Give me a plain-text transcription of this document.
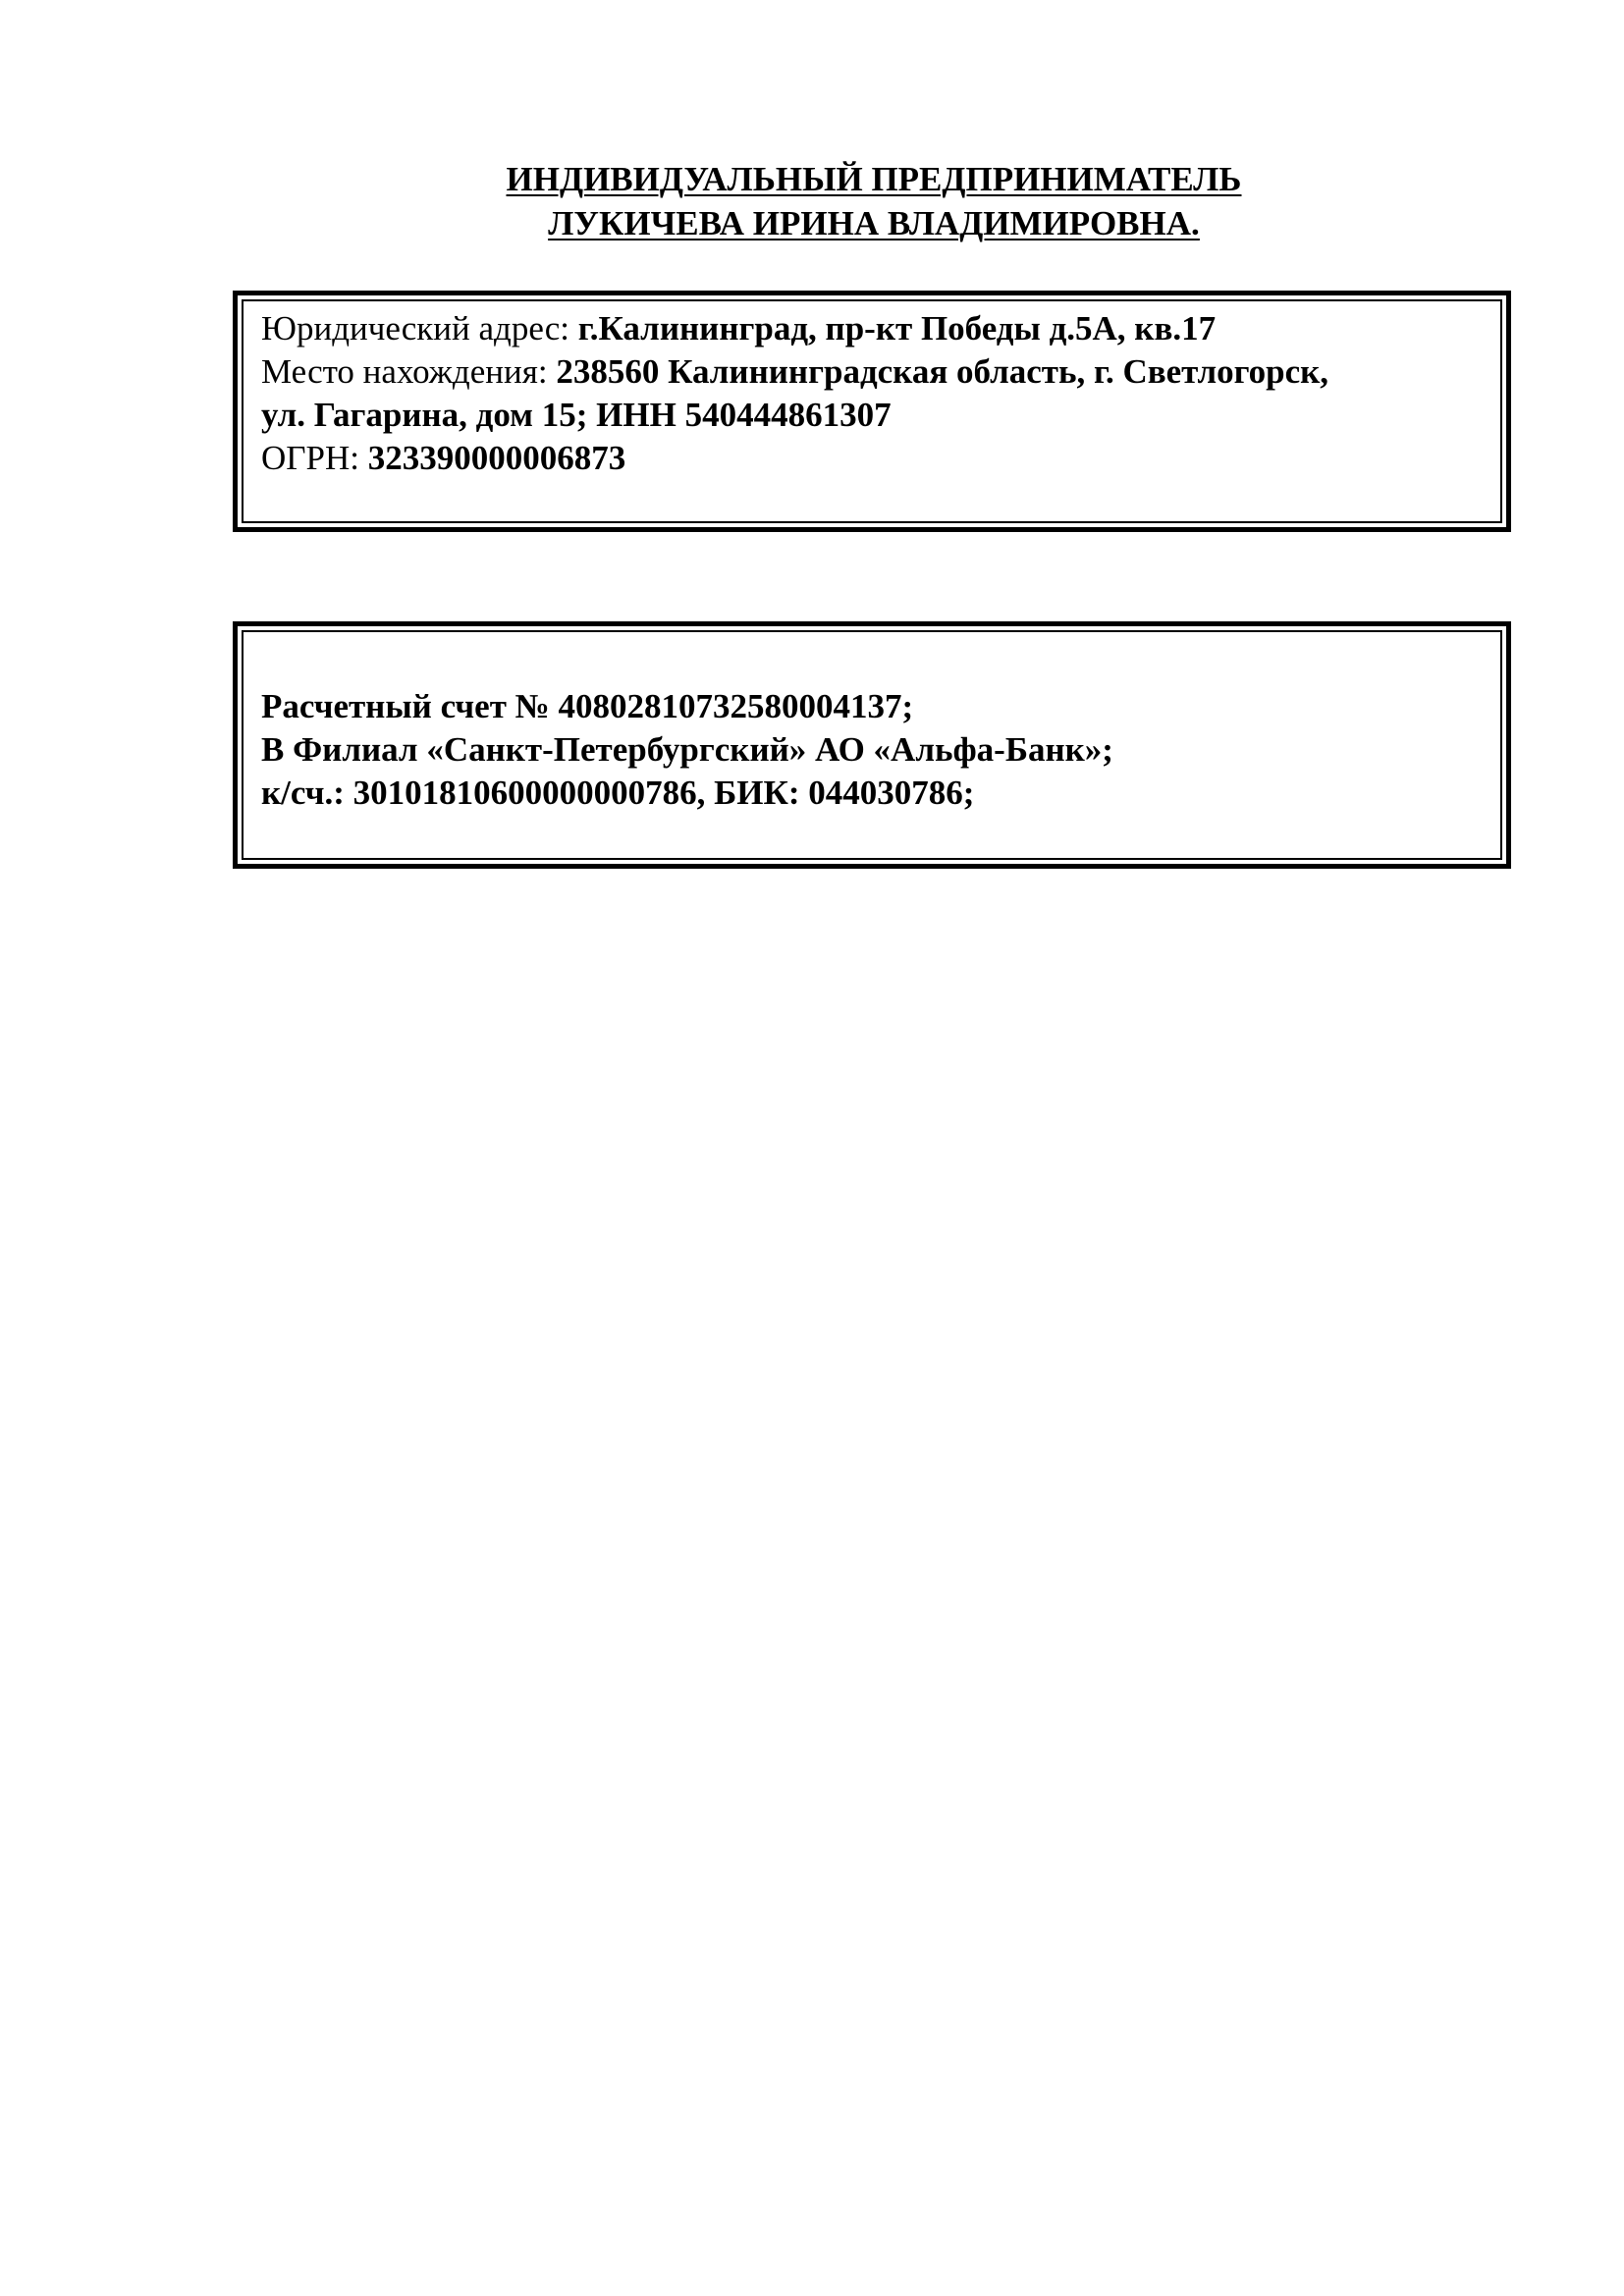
ИНДИВИДУАЛЬНЫЙ ПРЕДПРИНИМАТЕЛЬ
ЛУКИЧЕВА ИРИНА ВЛАДИМИРОВНА.
Юридический адрес: г.Калининград, пр-кт Победы д.5А, кв.17
Место нахождения: 238560 Калининградская область, г. Светлогорск,
ул. Гагарина, дом 15; ИНН 540444861307
ОГРН: 323390000006873
Расчетный счет № 40802810732580004137;
В Филиал «Санкт-Петербургский» АО «Альфа-Банк»;
к/сч.: 30101810600000000786, БИК: 044030786;
